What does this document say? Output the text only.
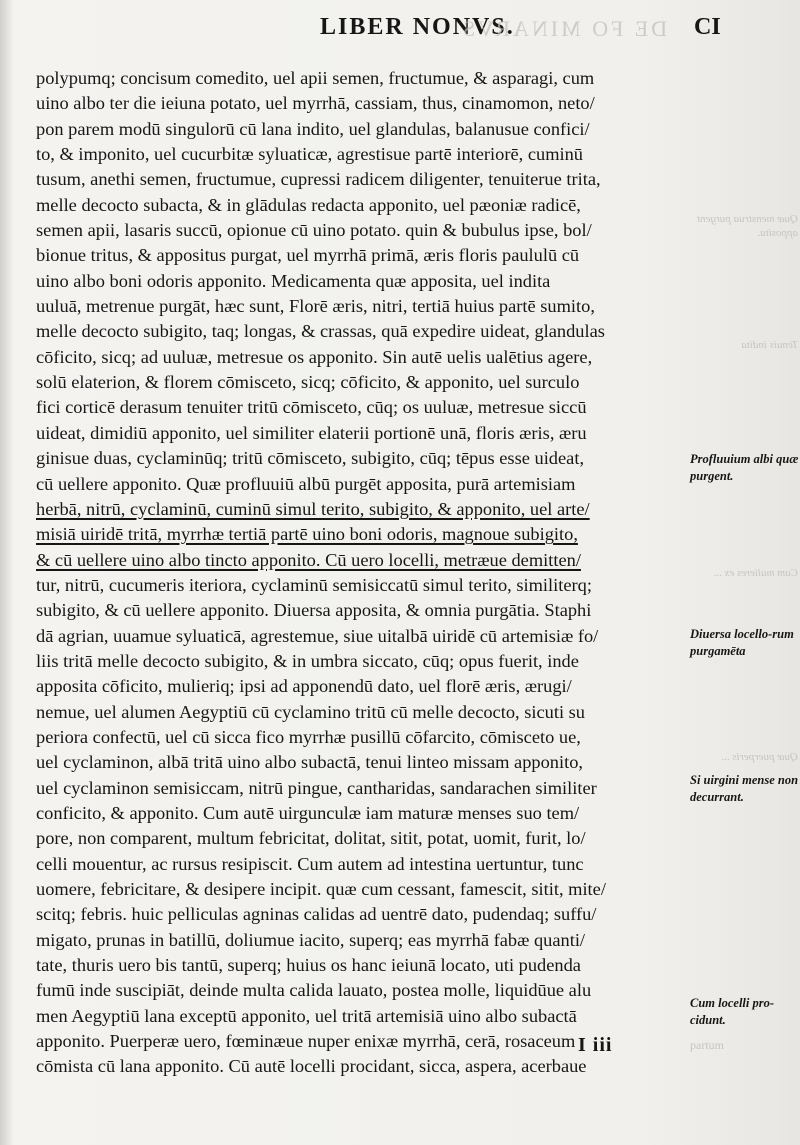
LIBER NONVS.
DE FO MINARVS CI
polypumq; concisum comedito, uel apii semen, fructumue, & asparagi, cum
uino albo ter die ieiuna potato, uel myrrhā, cassiam, thus, cinamomon, neto/
pon parem modū singulorū cū lana indito, uel glandulas, balanusue confici/
to, & imponito, uel cucurbitæ syluaticæ, agrestisue partē interiorē, cuminū
tusum, anethi semen, fructumue, cupressi radicem diligenter, tenuiterue trita,
melle decocto subacta, & in glādulas redacta apponito, uel pæoniæ radicē,
semen apii, lasaris succū, opionue cū uino potato. quin & bubulus ipse, bol/
bionue tritus, & appositus purgat, uel myrrhā primā, æris floris paululū cū
uino albo boni odoris apponito. Medicamenta quæ apposita, uel indita
uuluā, metrenue purgāt, hæc sunt, Florē æris, nitri, tertiā huius partē sumito,
melle decocto subigito, taq; longas, & crassas, quā expedire uideat, glandulas
cōficito, sicq; ad uuluæ, metresue os apponito. Sin autē uelis ualētius agere,
solū elaterion, & florem cōmisceto, sicq; cōficito, & apponito, uel surculo
fici corticē derasum tenuiter tritū cōmisceto, cūq; os uuluæ, metresue siccū
uideat, dimidiū apponito, uel similiter elaterii portionē unā, floris æris, æru
ginisue duas, cyclaminūq; tritū cōmisceto, subigito, cūq; tēpus esse uideat,
cū uellere apponito. Quæ profluuiū albū purgēt apposita, purā artemisiam
herbā, nitrū, cyclaminū, cuminū simul terito, subigito, & apponito, uel arte/
misiā uiridē tritā, myrrhæ tertiā partē uino boni odoris, magnoue subigito,
& cū uellere uino albo tincto apponito. Cū uero locelli, metræue demitten/
tur, nitrū, cucumeris iteriora, cyclaminū semisiccatū simul terito, similiterq;
subigito, & cū uellere apponito. Diuersa apposita, & omnia purgātia. Staphi
dā agrian, uuamue syluaticā, agrestemue, siue uitalbā uiridē cū artemisiæ fo/
liis tritā melle decocto subigito, & in umbra siccato, cūq; opus fuerit, inde
apposita cōficito, mulieriq; ipsi ad apponendū dato, uel florē æris, ærugi/
nemue, uel alumen Aegyptiū cū cyclamino tritū cū melle decocto, sicuti su
periora confectū, uel cū sicca fico myrrhæ pusillū cōfarcito, cōmisceto ue,
uel cyclaminon, albā tritā uino albo subactā, tenui linteo missam apponito,
uel cyclaminon semisiccam, nitrū pingue, cantharidas, sandarachen similiter
conficito, & apponito. Cum autē uirgunculæ iam maturæ menses suo tem/
pore, non comparent, multum febricitat, dolitat, sitit, potat, uomit, furit, lo/
celli mouentur, ac rursus resipiscit. Cum autem ad intestina uertuntur, tunc
uomere, febricitare, & desipere incipit. quæ cum cessant, famescit, sitit, mite/
scitq; febris. huic pelliculas agninas calidas ad uentrē dato, pudendaq; suffu/
migato, prunas in batillū, doliumue iacito, superq; eas myrrhā fabæ quanti/
tate, thuris uero bis tantū, superq; huius os hanc ieiunā locato, uti pudenda
fumū inde suscipiāt, deinde multa calida lauato, postea molle, liquidūue alu
men Aegyptiū lana exceptū apponito, uel tritā artemisiā uino albo subactā
apponito. Puerperæ uero, fœminæue nuper enixæ myrrhā, cerā, rosaceum
cōmista cū lana apponito. Cū autē locelli procidant, sicca, aspera, acerbaue
Quæ menstrua purgent apposita.
Tenuis indita
Profluuium albi quæ purgent.
Cum mulieres ex ...
Diuersa locello-rum purgamēta
Quæ puerperis ...
Si uirgini mense non decurrant.
Cum locelli pro-cidunt.
I iii	partum
